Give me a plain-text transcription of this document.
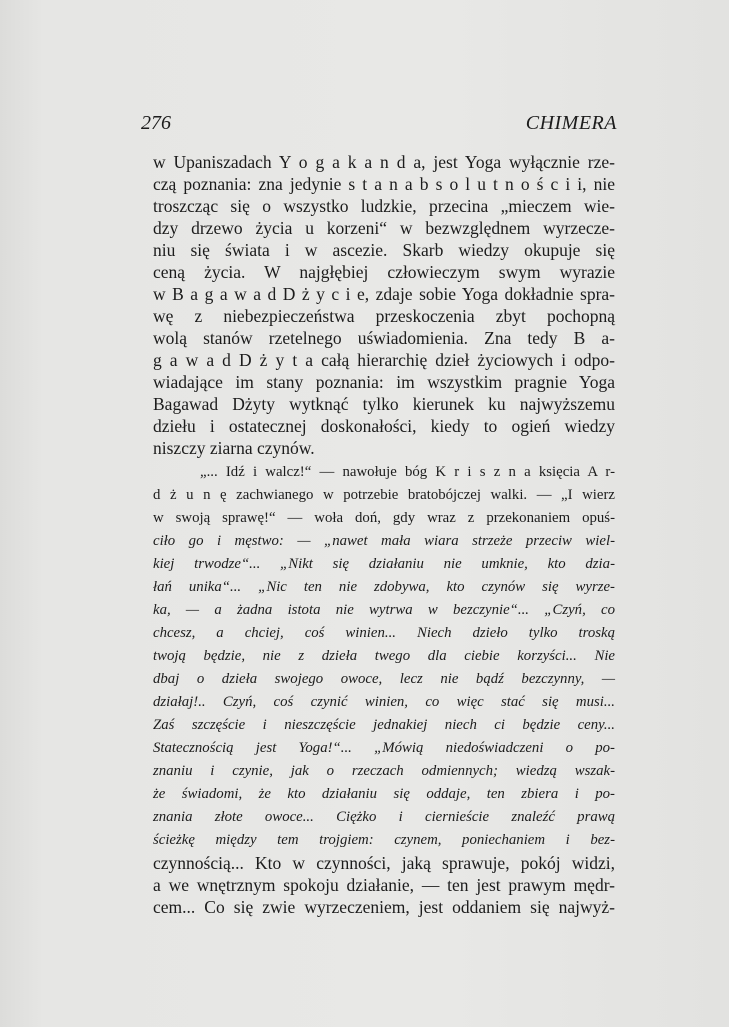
276	CHIMERA
w Upaniszadach Y o g a k a n d a, jest Yoga wyłącznie rze-
czą poznania: zna jedynie s t a n a b s o l u t n o ś c i i, nie
troszcząc się o wszystko ludzkie, przecina „mieczem wie-
dzy drzewo życia u korzeni“ w bezwzględnem wyrzecze-
niu się świata i w ascezie. Skarb wiedzy okupuje się
ceną życia. W najgłębiej człowieczym swym wyrazie
w B a g a w a d D ż y c i e, zdaje sobie Yoga dokładnie spra-
wę z niebezpieczeństwa przeskoczenia zbyt pochopną
wolą stanów rzetelnego uświadomienia. Zna tedy B a-
g a w a d D ż y t a całą hierarchię dzieł życiowych i odpo-
wiadające im stany poznania: im wszystkim pragnie Yoga
Bagawad Dżyty wytknąć tylko kierunek ku najwyższemu
dziełu i ostatecznej doskonałości, kiedy to ogień wiedzy
niszczy ziarna czynów.
„... Idź i walcz!“ — nawołuje bóg K r i s z n a księcia A r-
d ż u n ę zachwianego w potrzebie bratobójczej walki. — „I wierz
w swoją sprawę!“ — woła doń, gdy wraz z przekonaniem opuś-
ciło go i męstwo: — „nawet mała wiara strzeże przeciw wiel-
kiej trwodze“... „Nikt się działaniu nie umknie, kto dzia-
łań unika“... „Nic ten nie zdobywa, kto czynów się wyrze-
ka, — a żadna istota nie wytrwa w bezczynie“... „Czyń, co
chcesz, a chciej, coś winien... Niech dzieło tylko troską
twoją będzie, nie z dzieła twego dla ciebie korzyści... Nie
dbaj o dzieła swojego owoce, lecz nie bądź bezczynny, —
działaj!.. Czyń, coś czynić winien, co więc stać się musi...
Zaś szczęście i nieszczęście jednakiej niech ci będzie ceny...
Statecznością jest Yoga!“... „Mówią niedoświadczeni o po-
znaniu i czynie, jak o rzeczach odmiennych; wiedzą wszak-
że świadomi, że kto działaniu się oddaje, ten zbiera i po-
znania złote owoce... Ciężko i ciernieście znaleźć prawą
ścieżkę między tem trojgiem: czynem, poniechaniem i bez-
czynnością... Kto w czynności, jaką sprawuje, pokój widzi,
a we wnętrznym spokoju działanie, — ten jest prawym mędr-
cem... Co się zwie wyrzeczeniem, jest oddaniem się najwyż-
